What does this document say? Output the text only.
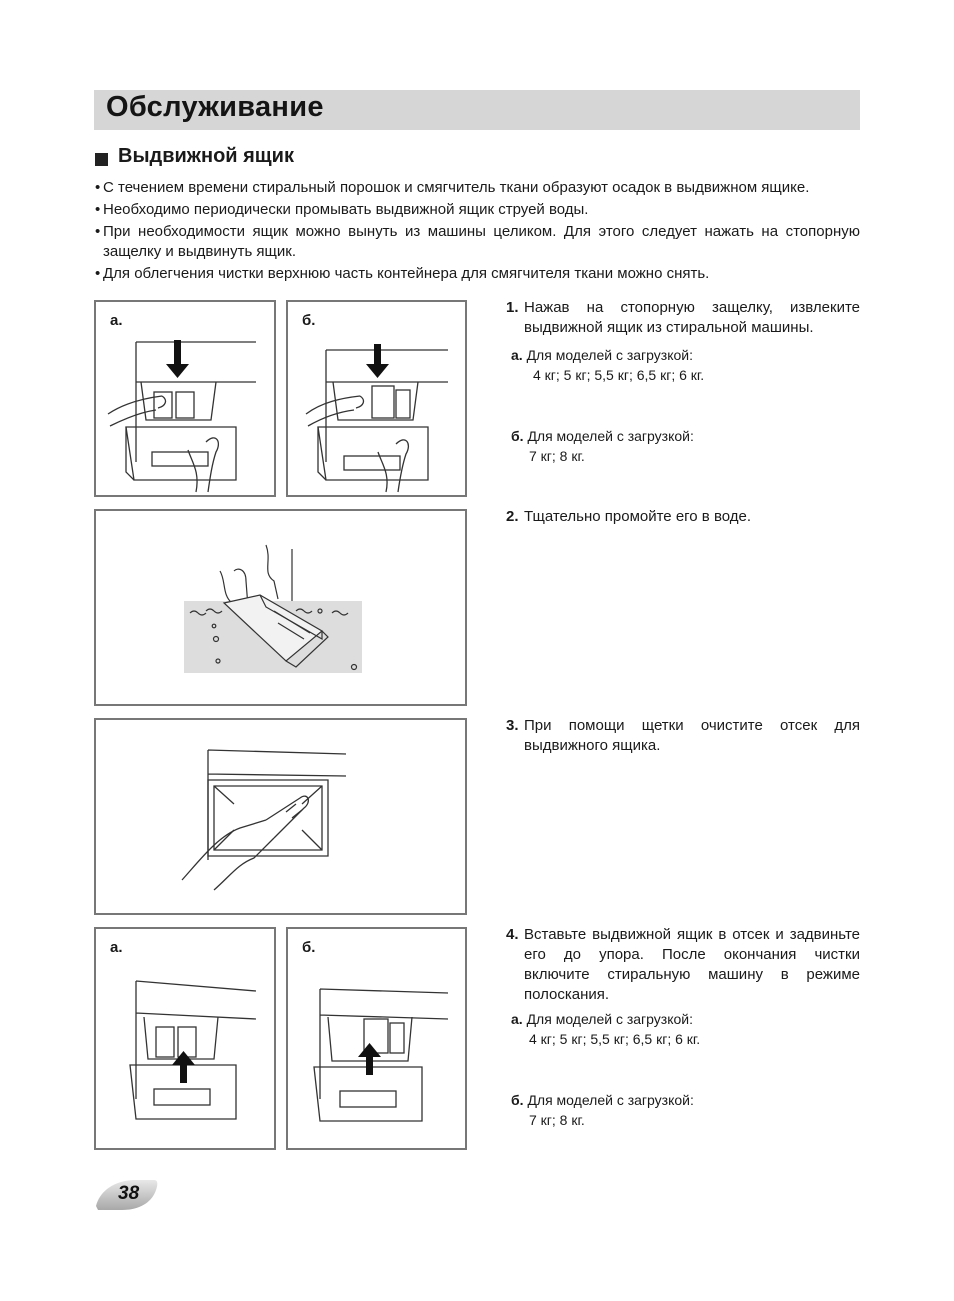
Обслуживание
Выдвижной ящик
• С течением времени стиральный порошок и смягчитель ткани образуют осадок в выдвижном ящике.
• Необходимо периодически промывать выдвижной ящик струей воды.
• При необходимости ящик можно вынуть из машины целиком. Для этого следует нажать на стопорную защелку и выдвинуть ящик.
• Для облегчения чистки верхнюю часть контейнера для смягчителя ткани можно снять.
а.	б.
а.	б.
1. Нажав на стопорную защелку, извлеките выдвижной ящик из стиральной машины.
а. Для моделей с загрузкой:
4 кг; 5 кг; 5,5 кг; 6,5 кг; 6 кг.
б. Для моделей с загрузкой:
7 кг; 8 кг.
2. Тщательно промойте его в воде.
3. При помощи щетки очистите отсек для выдвижного ящика.
4. Вставьте выдвижной ящик в отсек и задвиньте его до упора. После окончания чистки включите стиральную машину в режиме полоскания.
а. Для моделей с загрузкой:
4 кг; 5 кг; 5,5 кг; 6,5 кг; 6 кг.
б. Для моделей с загрузкой:
7 кг; 8 кг.
38
